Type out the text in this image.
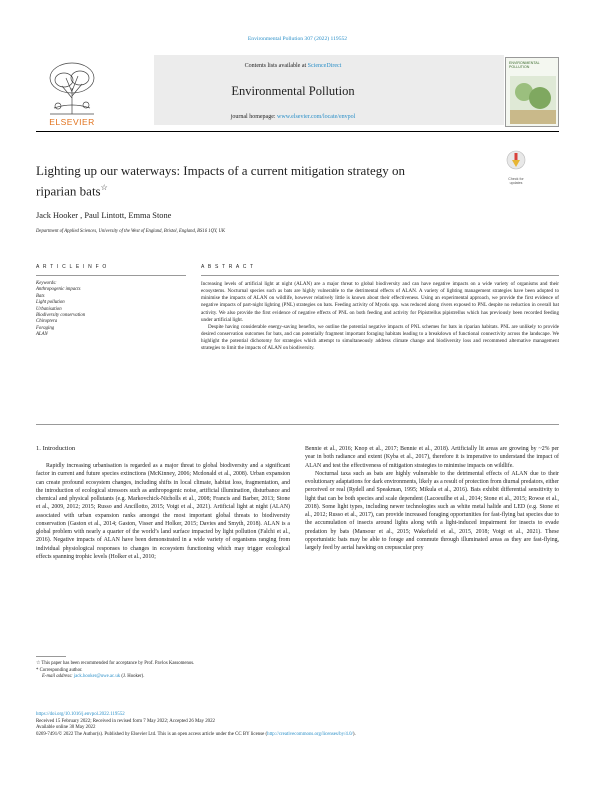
Environmental Pollution 307 (2022) 119552
ELSEVIER
Contents lists available at ScienceDirect
Environmental Pollution
journal homepage: www.elsevier.com/locate/envpol
ENVIRONMENTAL POLLUTION
Check for updates
Lighting up our waterways: Impacts of a current mitigation strategy on
riparian bats☆
Jack Hooker , Paul Lintott, Emma Stone
Department of Applied Sciences, University of the West of England, Bristol, England, BS16 1QY, UK
A R T I C L E I N F O	A B S T R A C T
Keywords:
Anthropogenic impacts
Bats
Light pollution
Urbanisation
Biodiversity conservation
Chiroptera
Foraging
ALAN

Increasing levels of artificial light at night (ALAN) are a major threat to global biodiversity and can have negative impacts on a wide variety of organisms and their ecosystems. Nocturnal species such as bats are highly vulnerable to the detrimental effects of ALAN. A variety of lighting management strategies have been adopted to minimise the impacts of ALAN on wildlife, however relatively little is known about their effectiveness. Using an experimental approach, we provide the first evidence of negative impacts of part-night lighting (PNL) strategies on bats. Feeding activity of Myotis spp. was reduced along rivers exposed to PNL despite no reduction in overall bat activity. We also provide the first evidence of negative effects of PNL on both feeding and activity for Pipistrellus pipistrellus which has previously been recorded feeding under artificial light.

Despite having considerable energy-saving benefits, we outline the potential negative impacts of PNL schemes for bats in riparian habitats. PNL are unlikely to provide desired conservation outcomes for bats, and can potentially fragment important foraging habitats leading to a breakdown of functional connectivity across the landscape. We highlight the potential dichotomy for strategies which attempt to simultaneously address climate change and biodiversity loss and recommend alternative management strategies to limit the impacts of ALAN on biodiversity.

1. Introduction

Rapidly increasing urbanisation is regarded as a major threat to global biodiversity and a significant factor in current and future species extinctions (McKinney, 2006; Mcdonald et al., 2008). Urban expansion can create profound ecosystem changes, including shifts in local climate, habitat loss, fragmentation, and the introduction of ecological stressors such as anthropogenic noise, artificial illumination, disturbance and chemical and physical pollutants (e.g. Markovchick-Nicholls et al., 2008; Francis and Barber, 2013; Stone et al., 2009, 2012; 2015; Russo and Ancillotto, 2015; Voigt et al., 2021). Artificial light at night (ALAN) associated with urban expansion ranks amongst the most important global threats to biodiversity conservation (Gaston et al., 2014; Gaston, Visser and Holker, 2015; Davies and Smyth, 2018). ALAN is a global problem with nearly a quarter of the world’s land surface impacted by light pollution (Falchi et al., 2016). Negative impacts of ALAN have been demonstrated in a wide variety of organisms ranging from individual physiological responses to changes in ecosystem functioning which may trigger ecological effects spanning trophic levels (Holker et al., 2010;

Bennie et al., 2016; Knop et al., 2017; Bennie et al., 2018). Artificially lit areas are growing by ~2% per year in both radiance and extent (Kyba et al., 2017), therefore it is imperative to understand the impact of ALAN and test the effectiveness of mitigation strategies to minimise impacts on wildlife.

Nocturnal taxa such as bats are highly vulnerable to the detrimental effects of ALAN due to their evolutionary adaptations for dark environments, likely as a result of protection from diurnal predators, either perceived or real (Rydell and Speakman, 1995; Mikula et al., 2016). Bats exhibit differential sensitivity to light that can be both species and scale dependent (Lacoeuilhe et al., 2014; Stone et al., 2015; Rowse et al., 2018). Some light types, including newer technologies such as white metal halide and LED (e.g. Stone et al., 2012; Russo et al., 2017), can provide increased foraging opportunities for fast-flying bat species due to the accumulation of insects around lights along with a light-induced impairment for insects to evade predation by bats (Mansour et al., 2015; Wakefield et al., 2015, 2018; Voigt et al., 2021). These opportunistic bats may be able to forage and commute through illuminated areas as they are fast-flying, largely feed by aerial hawking on crepuscular prey

☆ This paper has been recommended for acceptance by Prof. Pavlos Kassomenos.
* Corresponding author.
E-mail address: jack.hooker@uwe.ac.uk (J. Hooker).
https://doi.org/10.1016/j.envpol.2022.119552
Received 15 February 2022; Received in revised form 7 May 2022; Accepted 26 May 2022
Available online 30 May 2022
0269-7491/© 2022 The Author(s). Published by Elsevier Ltd. This is an open access article under the CC BY license (http://creativecommons.org/licenses/by/4.0/).
